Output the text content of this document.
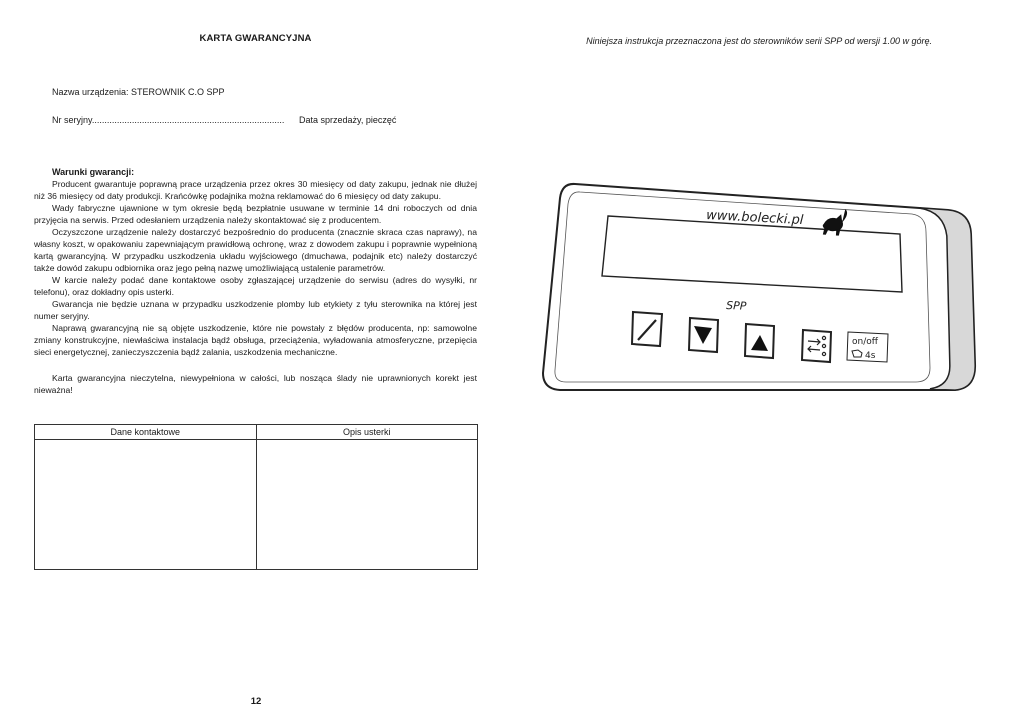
KARTA GWARANCYJNA	Niniejsza instrukcja przeznaczona jest do sterowników serii SPP od wersji 1.00 w górę.
Nazwa urządzenia: STEROWNIK C.O SPP
Nr seryjny............................................................................. Data sprzedaży, pieczęć
Warunki gwarancji:

Producent gwarantuje poprawną prace urządzenia przez okres 30 miesięcy od daty zakupu, jednak nie dłużej niż 36 miesięcy od daty produkcji. Krańcówkę podajnika można reklamować do 6 miesięcy od daty zakupu.

Wady fabryczne ujawnione w tym okresie będą bezpłatnie usuwane w terminie 14 dni roboczych od dnia przyjęcia na serwis. Przed odesłaniem urządzenia należy skontaktować się z producentem.

Oczyszczone urządzenie należy dostarczyć bezpośrednio do producenta (znacznie skraca czas naprawy), na własny koszt, w opakowaniu zapewniającym prawidłową ochronę, wraz z dowodem zakupu i poprawnie wypełnioną kartą gwarancyjną. W przypadku uszkodzenia układu wyjściowego (dmuchawa, podajnik etc) należy dostarczyć także dowód zakupu odbiornika oraz jego pełną nazwę umożliwiającą ustalenie parametrów.

W karcie należy podać dane kontaktowe osoby zgłaszającej urządzenie do serwisu (adres do wysyłki, nr telefonu), oraz dokładny opis usterki.

Gwarancja nie będzie uznana w przypadku uszkodzenie plomby lub etykiety z tyłu sterownika na której jest numer seryjny.

Naprawą gwarancyjną nie są objęte uszkodzenie, które nie powstały z błędów producenta, np: samowolne zmiany konstrukcyjne, niewłaściwa instalacja bądź obsługa, przeciążenia, wyładowania atmosferyczne, przepięcia sieci energetycznej, zanieczyszczenia bądź zalania, uszkodzenia mechaniczne.

Karta gwarancyjna nieczytelna, niewypełniona w całości, lub nosząca ślady nie uprawnionych korekt jest nieważna!

Dane kontaktowe	Opis usterki

www.bolecki.pl
SPP
on/off
4s
12
